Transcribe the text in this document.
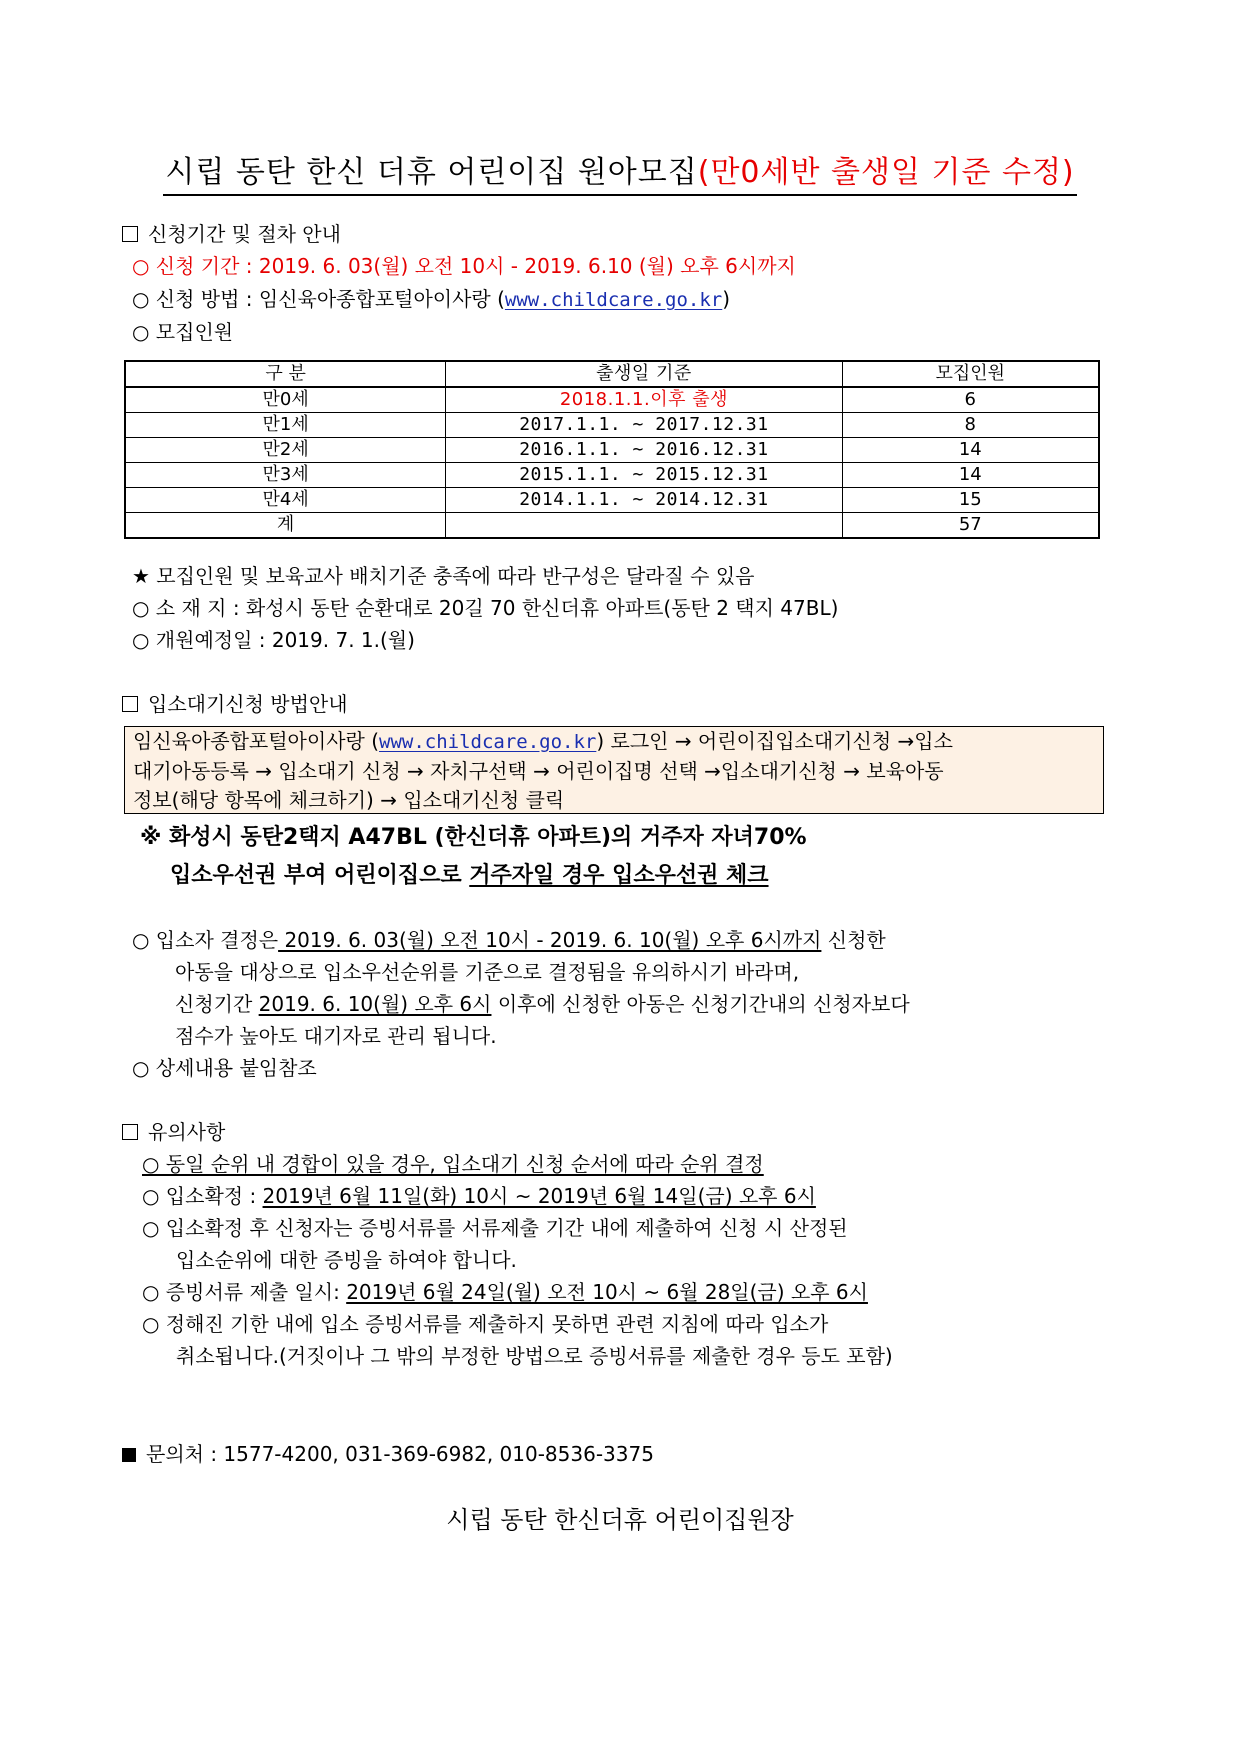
시립 동탄 한신 더휴 어린이집 원아모집(만0세반 출생일 기준 수정)
신청기간 및 절차 안내
○ 신청 기간 : 2019. 6. 03(월) 오전 10시 - 2019. 6.10 (월) 오후 6시까지
○ 신청 방법 : 임신육아종합포털아이사랑 (www.childcare.go.kr)
○ 모집인원
구 분	출생일 기준	모집인원
만0세	2018.1.1.이후 출생	6
만1세	2017.1.1. ~ 2017.12.31	8
만2세	2016.1.1. ~ 2016.12.31	14
만3세	2015.1.1. ~ 2015.12.31	14
만4세	2014.1.1. ~ 2014.12.31	15
계		57
★ 모집인원 및 보육교사 배치기준 충족에 따라 반구성은 달라질 수 있음
○ 소 재 지 : 화성시 동탄 순환대로 20길 70 한신더휴 아파트(동탄 2 택지 47BL)
○ 개원예정일 : 2019. 7. 1.(월)
입소대기신청 방법안내
임신육아종합포털아이사랑 (www.childcare.go.kr) 로그인 → 어린이집입소대기신청 →입소
대기아동등록 → 입소대기 신청 → 자치구선택 → 어린이집명 선택 →입소대기신청 → 보육아동
정보(해당 항목에 체크하기) → 입소대기신청 클릭
※ 화성시 동탄2택지 A47BL (한신더휴 아파트)의 거주자 자녀70%
입소우선권 부여 어린이집으로 거주자일 경우 입소우선권 체크
○ 입소자 결정은 2019. 6. 03(월) 오전 10시 - 2019. 6. 10(월) 오후 6시까지 신청한
아동을 대상으로 입소우선순위를 기준으로 결정됨을 유의하시기 바라며,
신청기간 2019. 6. 10(월) 오후 6시 이후에 신청한 아동은 신청기간내의 신청자보다
점수가 높아도 대기자로 관리 됩니다.
○ 상세내용 붙임참조
유의사항
○ 동일 순위 내 경합이 있을 경우, 입소대기 신청 순서에 따라 순위 결정
○ 입소확정 : 2019년 6월 11일(화) 10시 ~ 2019년 6월 14일(금) 오후 6시
○ 입소확정 후 신청자는 증빙서류를 서류제출 기간 내에 제출하여 신청 시 산정된
입소순위에 대한 증빙을 하여야 합니다.
○ 증빙서류 제출 일시: 2019년 6월 24일(월) 오전 10시 ~ 6월 28일(금) 오후 6시
○ 정해진 기한 내에 입소 증빙서류를 제출하지 못하면 관련 지침에 따라 입소가
취소됩니다.(거짓이나 그 밖의 부정한 방법으로 증빙서류를 제출한 경우 등도 포함)
문의처 : 1577-4200, 031-369-6982, 010-8536-3375
시립 동탄 한신더휴 어린이집원장
